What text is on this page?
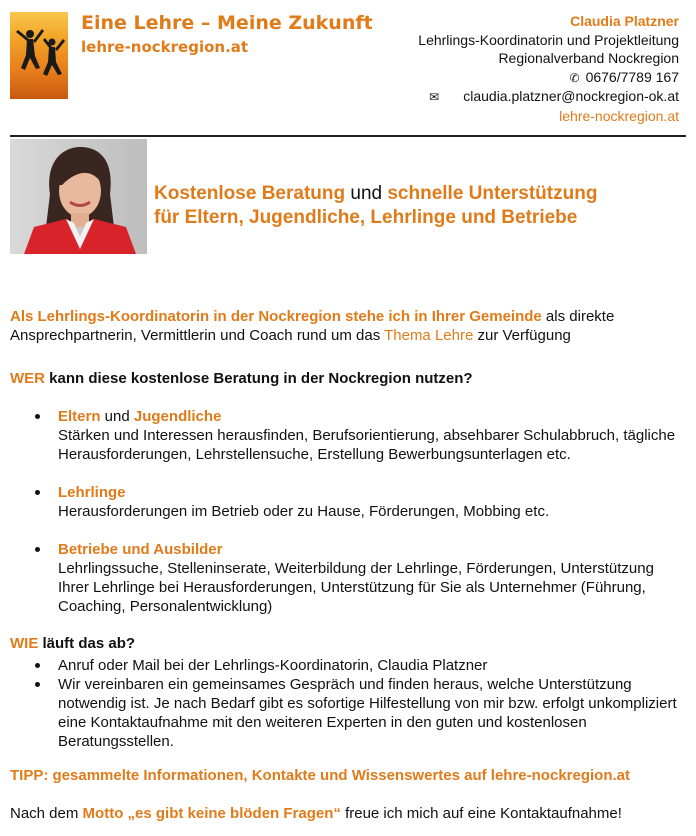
Eine Lehre – Meine Zukunft
lehre-nockregion.at
Claudia Platzner
Lehrlings-Koordinatorin und Projektleitung
Regionalverband Nockregion
✆ 0676/7789 167
✉ claudia.platzner@nockregion-ok.at
lehre-nockregion.at
Kostenlose Beratung und schnelle Unterstützung
für Eltern, Jugendliche, Lehrlinge und Betriebe
Als Lehrlings-Koordinatorin in der Nockregion stehe ich in Ihrer Gemeinde als direkte Ansprechpartnerin, Vermittlerin und Coach rund um das Thema Lehre zur Verfügung
WER kann diese kostenlose Beratung in der Nockregion nutzen?
Eltern und Jugendliche
Stärken und Interessen herausfinden, Berufsorientierung, absehbarer Schulabbruch, tägliche Herausforderungen, Lehrstellensuche, Erstellung Bewerbungsunterlagen etc.
Lehrlinge
Herausforderungen im Betrieb oder zu Hause, Förderungen, Mobbing etc.
Betriebe und Ausbilder
Lehrlingssuche, Stelleninserate, Weiterbildung der Lehrlinge, Förderungen, Unterstützung Ihrer Lehrlinge bei Herausforderungen, Unterstützung für Sie als Unternehmer (Führung, Coaching, Personalentwicklung)
WIE läuft das ab?
Anruf oder Mail bei der Lehrlings-Koordinatorin, Claudia Platzner
Wir vereinbaren ein gemeinsames Gespräch und finden heraus, welche Unterstützung notwendig ist. Je nach Bedarf gibt es sofortige Hilfestellung von mir bzw. erfolgt unkompliziert eine Kontaktaufnahme mit den weiteren Experten in den guten und kostenlosen Beratungsstellen.
TIPP: gesammelte Informationen, Kontakte und Wissenswertes auf lehre-nockregion.at
Nach dem Motto „es gibt keine blöden Fragen“ freue ich mich auf eine Kontaktaufnahme!
